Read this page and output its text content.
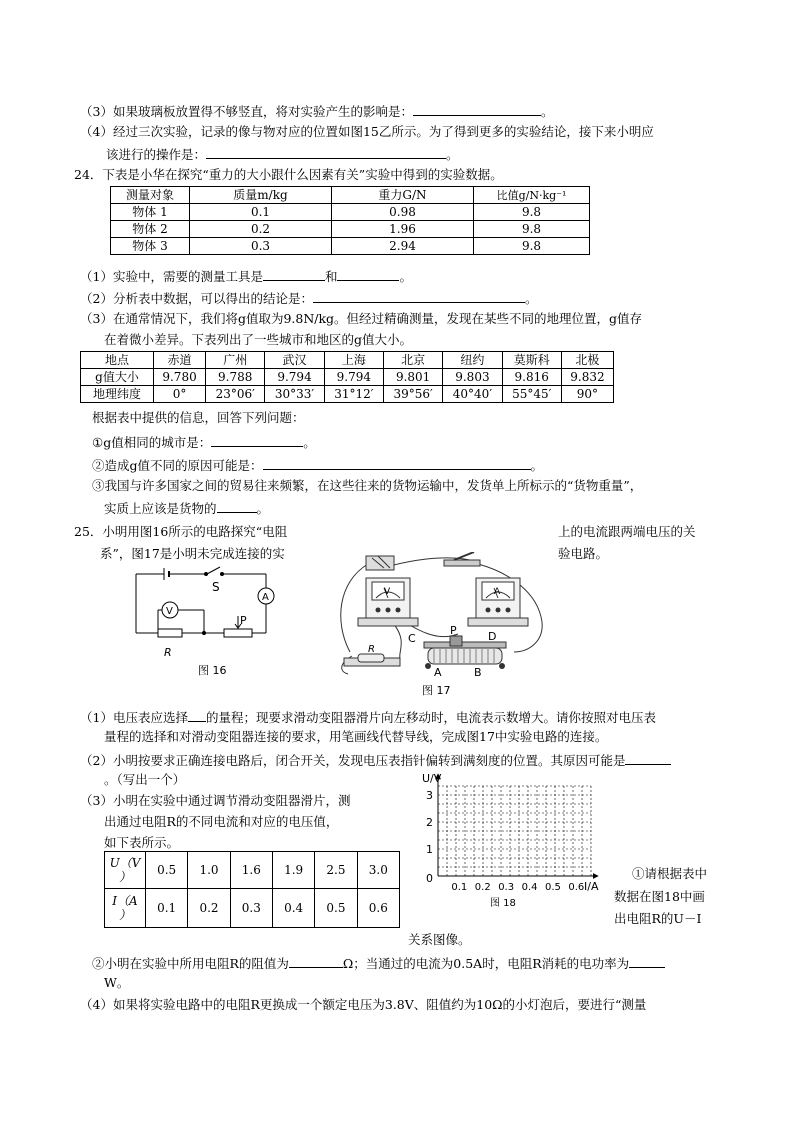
（3）如果玻璃板放置得不够竖直，将对实验产生的影响是：	。
（4）经过三次实验，记录的像与物对应的位置如图15乙所示。为了得到更多的实验结论，接下来小明应
该进行的操作是：	。
24．下表是小华在探究“重力的大小跟什么因素有关”实验中得到的实验数据。
测量对象	质量m/kg	重力G/N	比值g/N·kg⁻¹
物体 1	0.1	0.98	9.8
物体 2	0.2	1.96	9.8
物体 3	0.3	2.94	9.8
（1）实验中，需要的测量工具是	和	。
（2）分析表中数据，可以得出的结论是：	。
（3）在通常情况下，我们将g值取为9.8N/kg。但经过精确测量，发现在某些不同的地理位置，g值存
在着微小差异。下表列出了一些城市和地区的g值大小。
地点	赤道	广州	武汉	上海	北京	纽约	莫斯科	北极
g值大小	9.780	9.788	9.794	9.794	9.801	9.803	9.816	9.832
地理纬度	0°	23°06′	30°33′	31°12′	39°56′	40°40′	55°45′	90°
根据表中提供的信息，回答下列问题：
①g值相同的城市是：	。
②造成g值不同的原因可能是：	。
③我国与许多国家之间的贸易往来频繁，在这些往来的货物运输中，发货单上所标示的“货物重量”，
实质上应该是货物的	。
25．小明用图16所示的电路探究“电阻	上的电流跟两端电压的关
系”，图17是小明未完成连接的实	验电路。
S
A
V
P
R
图 16
V	A
R
C
P	D
A	B
图 17
（1）电压表应选择 的量程；现要求滑动变阻器滑片向左移动时，电流表示数增大。请你按照对电压表
量程的选择和对滑动变阻器连接的要求，用笔画线代替导线，完成图17中实验电路的连接。
（2）小明按要求正确连接电路后，闭合开关，发现电压表指针偏转到满刻度的位置。其原因可能是
。（写出一个）
（3）小明在实验中通过调节滑动变阻器滑片，测
出通过电阻R的不同电流和对应的电压值，
如下表所示。
U（V
）	0.5	1.0	1.6	1.9	2.5	3.0
I（A
）	0.1	0.2	0.3	0.4	0.5	0.6
U/V
I/A
0
1
2
3
0.1 0.2 0.3 0.4 0.5 0.6
图 18
①请根据表中
数据在图18中画
出电阻R的U－I
关系图像。
②小明在实验中所用电阻R的阻值为	Ω；当通过的电流为0.5A时，电阻R消耗的电功率为
W。
（4）如果将实验电路中的电阻R更换成一个额定电压为3.8V、阻值约为10Ω的小灯泡后，要进行“测量
